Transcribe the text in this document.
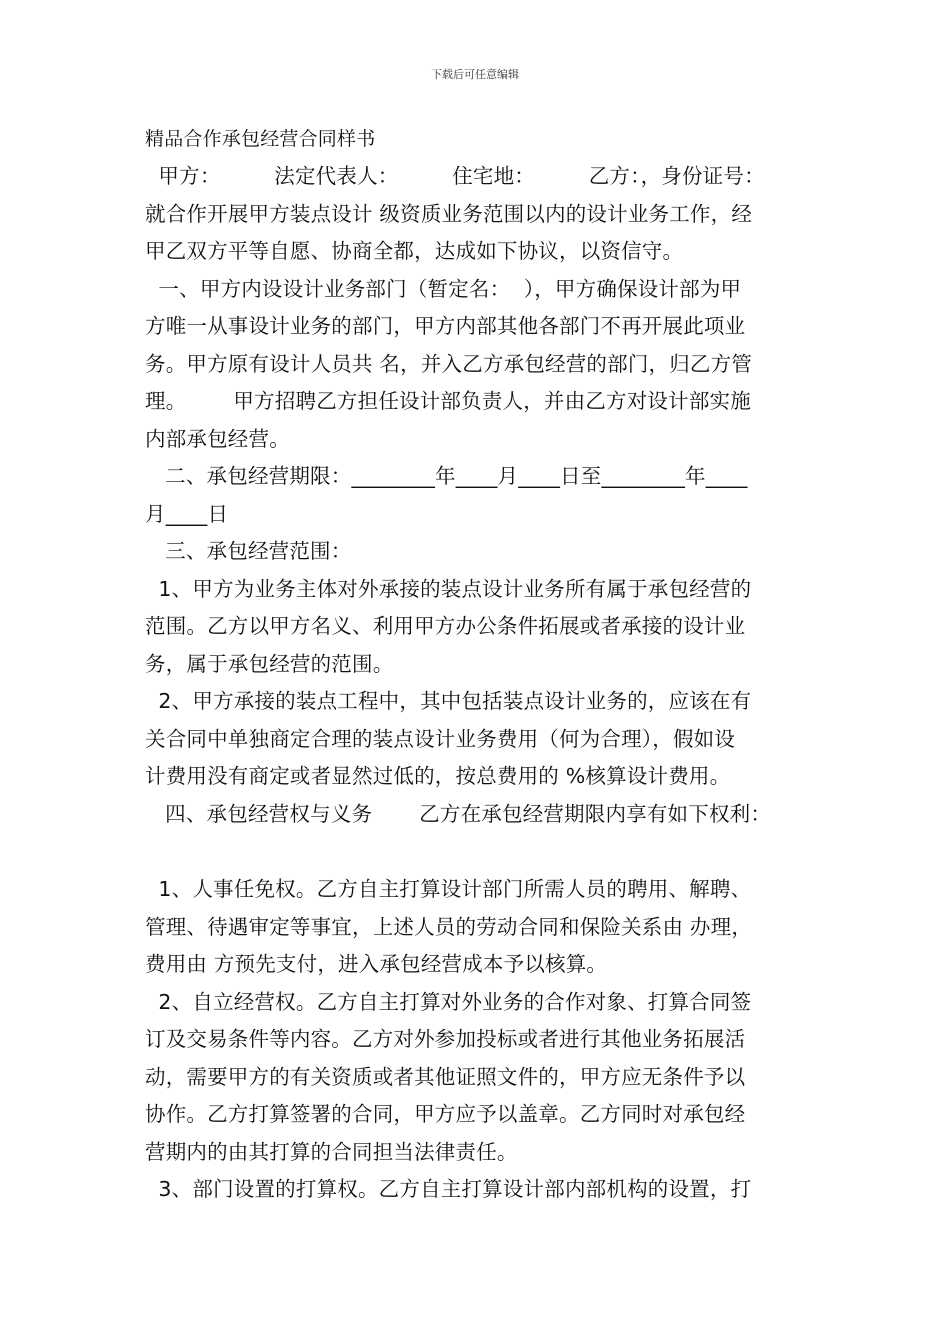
下载后可任意编辑
精品合作承包经营合同样书
甲方：        法定代表人：        住宅地：        乙方：，身份证号：
就合作开展甲方装点设计 级资质业务范围以内的设计业务工作，经
甲乙双方平等自愿、协商全都，达成如下协议，以资信守。
一、甲方内设设计业务部门（暂定名：  ），甲方确保设计部为甲
方唯一从事设计业务的部门，甲方内部其他各部门不再开展此项业
务。甲方原有设计人员共 名，并入乙方承包经营的部门，归乙方管
理。       甲方招聘乙方担任设计部负责人，并由乙方对设计部实施
内部承包经营。
二、承包经营期限：________年____月____日至________年____
月____日
三、承包经营范围：
1、甲方为业务主体对外承接的装点设计业务所有属于承包经营的
范围。乙方以甲方名义、利用甲方办公条件拓展或者承接的设计业
务，属于承包经营的范围。
2、甲方承接的装点工程中，其中包括装点设计业务的，应该在有
关合同中单独商定合理的装点设计业务费用（何为合理），假如设
计费用没有商定或者显然过低的，按总费用的 %核算设计费用。
四、承包经营权与义务       乙方在承包经营期限内享有如下权利：
1、人事任免权。乙方自主打算设计部门所需人员的聘用、解聘、
管理、待遇审定等事宜，上述人员的劳动合同和保险关系由 办理，
费用由 方预先支付，进入承包经营成本予以核算。
2、自立经营权。乙方自主打算对外业务的合作对象、打算合同签
订及交易条件等内容。乙方对外参加投标或者进行其他业务拓展活
动，需要甲方的有关资质或者其他证照文件的，甲方应无条件予以
协作。乙方打算签署的合同，甲方应予以盖章。乙方同时对承包经
营期内的由其打算的合同担当法律责任。
3、部门设置的打算权。乙方自主打算设计部内部机构的设置，打
